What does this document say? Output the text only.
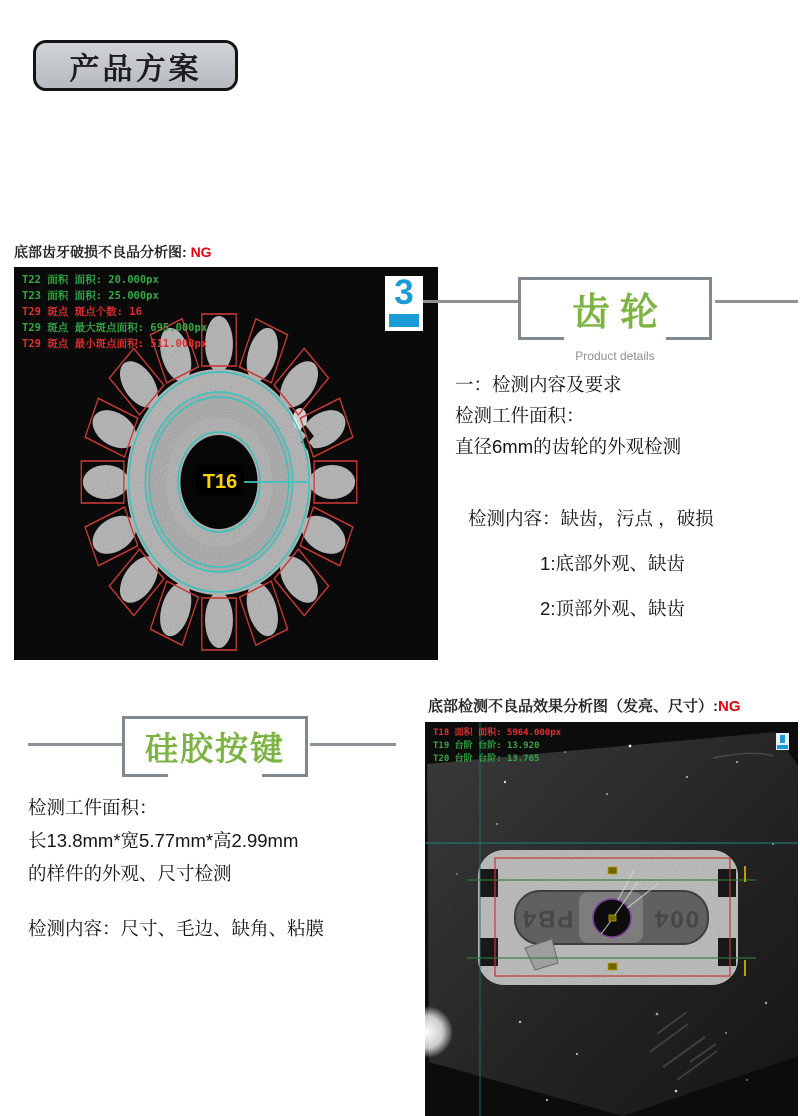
产品方案
底部齿牙破损不良品分析图: NG
T16
T22 面积 面积: 20.000px
T23 面积 面积: 25.000px
T29 斑点 斑点个数: 16
T29 斑点 最大斑点面积: 695.000px
T29 斑点 最小斑点面积: 511.000px
3	齿轮
Product details
一：检测内容及要求
检测工件面积：
直径6mm的齿轮的外观检测
检测内容：缺齿，污点 ，破损
1:底部外观、缺齿
2:顶部外观、缺齿
硅胶按键
检测工件面积：
长13.8mm*宽5.77mm*高2.99mm
的样件的外观、尺寸检测
检测内容：尺寸、毛边、缺角、粘膜
底部检测不良品效果分析图（发亮、尺寸）:NG
PB4	004
T18 面积 面积: 5964.000px
T19 台阶 台阶: 13.920
T20 台阶 台阶: 13.765
